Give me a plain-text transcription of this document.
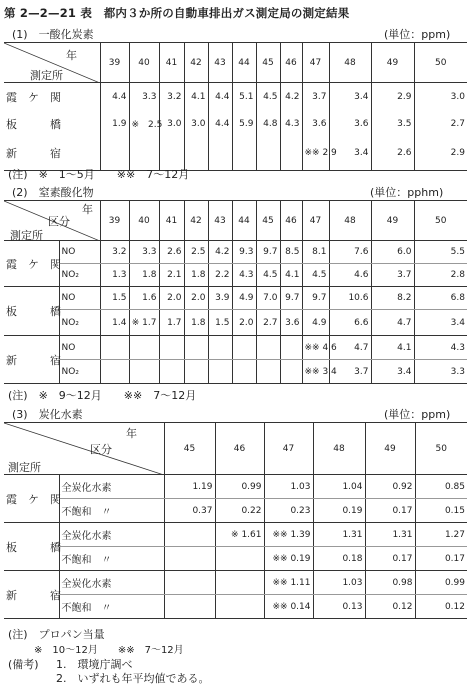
第 2—2—21 表　都内３か所の自動車排出ガス測定局の測定結果
(1)　一酸化炭素	(単位：ppm)
年
測定所	39	40	41	42	43	44	45	46	47	48	49	50
霞　ケ　関	4.4	3.3	3.2	4.1	4.4	5.1	4.5	4.2	3.7	3.4	2.9	3.0
板　　　橋	1.9	※　2.5	3.0	3.0	4.4	5.9	4.8	4.3	3.6	3.6	3.5	2.7
新　　　宿									※※ 2.9	3.4	2.6	2.9
(注)　※　1〜5月　　※※　7〜12月
(2)　窒素酸化物	(単位：pphm)
年
区分
測定所		39	40	41	42	43	44	45	46	47	48	49	50
霞　ケ　関	NO	3.2	3.3	2.6	2.5	4.2	9.3	9.7	8.5	8.1	7.6	6.0	5.5
	NO₂	1.3	1.8	2.1	1.8	2.2	4.3	4.5	4.1	4.5	4.6	3.7	2.8
板　　　橋	NO	1.5	1.6	2.0	2.0	3.9	4.9	7.0	9.7	9.7	10.6	8.2	6.8
	NO₂	1.4	※ 1.7	1.7	1.8	1.5	2.0	2.7	3.6	4.9	6.6	4.7	3.4
新　　　宿	NO									※※ 4.6	4.7	4.1	4.3
	NO₂									※※ 3.4	3.7	3.4	3.3
(注)　※　9〜12月　　※※　7〜12月
(3)　炭化水素	(単位：ppm)
年
区分
測定所		45	46	47	48	49	50
霞　ケ　関	全炭化水素	1.19	0.99	1.03	1.04	0.92	0.85
	不飽和　〃	0.37	0.22	0.23	0.19	0.17	0.15
板　　　橋	全炭化水素		※ 1.61	※※ 1.39	1.31	1.31	1.27
	不飽和　〃			※※ 0.19	0.18	0.17	0.17
新　　　宿	全炭化水素			※※ 1.11	1.03	0.98	0.99
	不飽和　〃			※※ 0.14	0.13	0.12	0.12
(注)　プロパン当量
※　10〜12月　　※※　7〜12月
(備考) 1.　環境庁調べ
2.　いずれも年平均値である。
